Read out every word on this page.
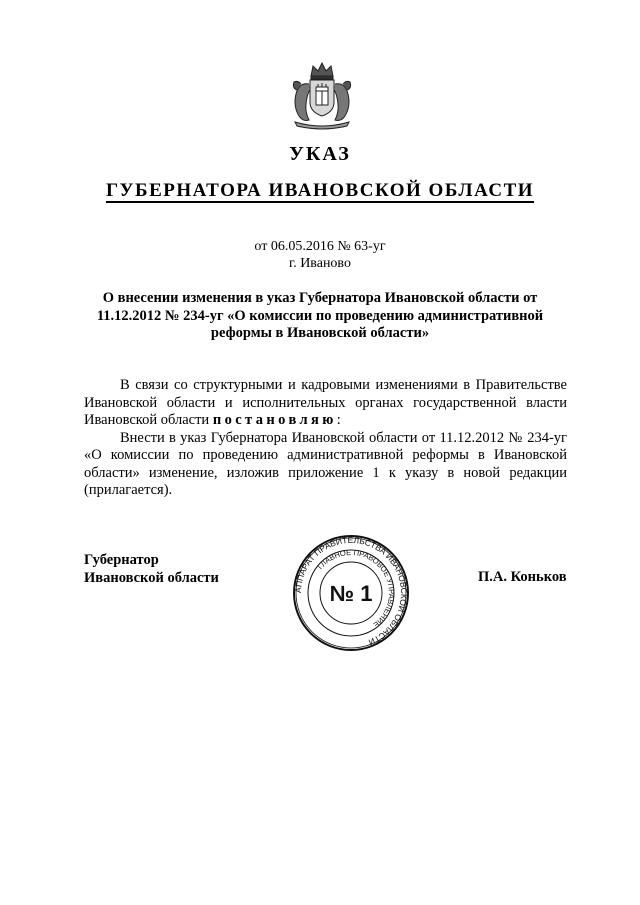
УКАЗ
ГУБЕРНАТОРА ИВАНОВСКОЙ ОБЛАСТИ
от 06.05.2016 № 63-уг
г. Иваново
О внесении изменения в указ Губернатора Ивановской области от 11.12.2012 № 234-уг «О комиссии по проведению административной реформы в Ивановской области»

В связи со структурными и кадровыми изменениями в Правительстве Ивановской области и исполнительных органах государственной власти Ивановской области постановляю:

Внести в указ Губернатора Ивановской области от 11.12.2012 № 234-уг «О комиссии по проведению административной реформы в Ивановской области» изменение, изложив приложение 1 к указу в новой редакции (прилагается).

Губернатор
Ивановской области	П.А. Коньков
АППАРАТ ПРАВИТЕЛЬСТВА ИВАНОВСКОЙ ОБЛАСТИ
ГЛАВНОЕ ПРАВОВОЕ УПРАВЛЕНИЕ
№ 1
